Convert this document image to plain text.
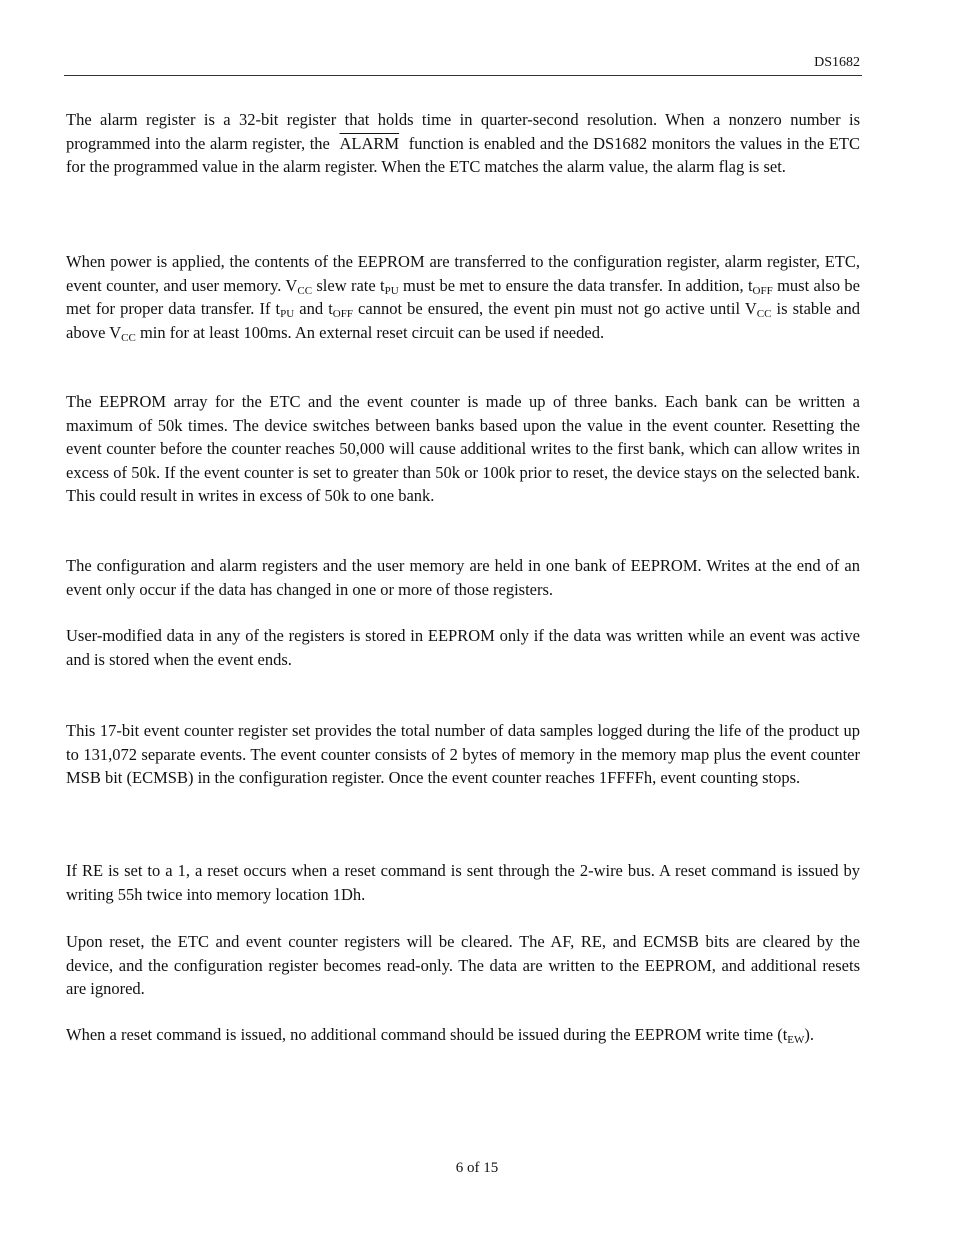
DS1682

The alarm register is a 32-bit register that holds time in quarter-second resolution. When a nonzero number is programmed into the alarm register, the ALARM function is enabled and the DS1682 monitors the values in the ETC for the programmed value in the alarm register. When the ETC matches the alarm value, the alarm flag is set.

When power is applied, the contents of the EEPROM are transferred to the configuration register, alarm register, ETC, event counter, and user memory. $V_{CC}$ slew rate $t_{PU}$ must be met to ensure the data transfer. In addition, $t_{OFF}$ must also be met for proper data transfer. If $t_{PU}$ and $t_{OFF}$ cannot be ensured, the event pin must not go active until $V_{CC}$ is stable and above $V_{CC}$ min for at least 100ms. An external reset circuit can be used if needed.

The EEPROM array for the ETC and the event counter is made up of three banks. Each bank can be written a maximum of 50k times. The device switches between banks based upon the value in the event counter. Resetting the event counter before the counter reaches 50,000 will cause additional writes to the first bank, which can allow writes in excess of 50k. If the event counter is set to greater than 50k or 100k prior to reset, the device stays on the selected bank. This could result in writes in excess of 50k to one bank.

The configuration and alarm registers and the user memory are held in one bank of EEPROM. Writes at the end of an event only occur if the data has changed in one or more of those registers.

User-modified data in any of the registers is stored in EEPROM only if the data was written while an event was active and is stored when the event ends.

This 17-bit event counter register set provides the total number of data samples logged during the life of the product up to 131,072 separate events. The event counter consists of 2 bytes of memory in the memory map plus the event counter MSB bit (ECMSB) in the configuration register. Once the event counter reaches 1FFFFh, event counting stops.

If RE is set to a 1, a reset occurs when a reset command is sent through the 2-wire bus. A reset command is issued by writing 55h twice into memory location 1Dh.

Upon reset, the ETC and event counter registers will be cleared. The AF, RE, and ECMSB bits are cleared by the device, and the configuration register becomes read-only. The data are written to the EEPROM, and additional resets are ignored.

When a reset command is issued, no additional command should be issued during the EEPROM write time $(t_{EW})$.

6 of 15
